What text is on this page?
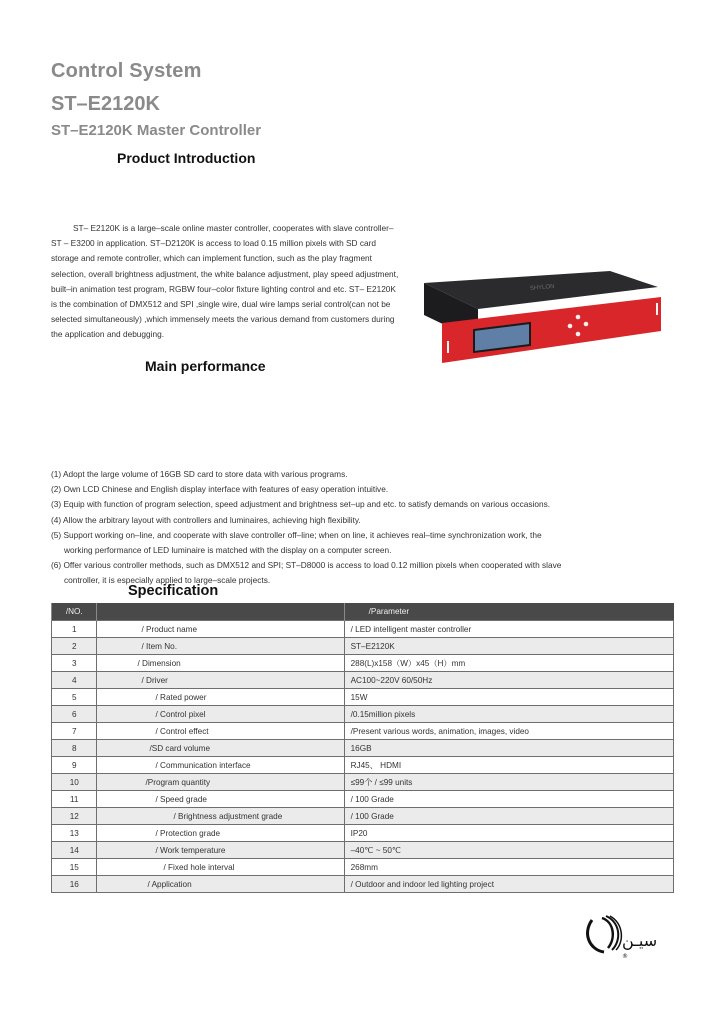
Control System
ST–E2120K
ST–E2120K Master Controller
Product Introduction
ST– E2120K is a large–scale online master controller, cooperates with slave controller– ST – E3200 in application. ST–D2120K is access to load 0.15 million pixels with SD card storage and remote controller, which can implement function, such as the play fragment selection, overall brightness adjustment, the white balance adjustment, play speed adjustment, built–in animation test program, RGBW four–color fixture lighting control and etc. ST– E2120K is the combination of DMX512 and SPI ,single wire, dual wire lamps serial control(can not be selected simultaneously) ,which immensely meets the various demand from customers during the application and debugging.
SHYLON
Main performance
(1) Adopt the large volume of 16GB SD card to store data with various programs.
(2) Own LCD Chinese and English display interface with features of easy operation intuitive.
(3) Equip with function of program selection, speed adjustment and brightness set–up and etc. to satisfy demands on various occasions.
(4) Allow the arbitrary layout with controllers and luminaires, achieving high flexibility.
(5) Support working on–line, and cooperate with slave controller off–line; when on line, it achieves real–time synchronization work, the
working performance of LED luminaire is matched with the display on a computer screen.
(6) Offer various controller methods, such as DMX512 and SPI; ST–D8000 is access to load 0.12 million pixels when cooperated with slave
controller, it is especially applied to large–scale projects.
Specification
/NO.		/Parameter
1	/ Product name	/ LED intelligent master controller
2	/ Item No.	ST–E2120K
3	/ Dimension	288(L)x158（W）x45（H）mm
4	/ Driver	AC100~220V 60/50Hz
5	/ Rated power	15W
6	/ Control pixel	/0.15million pixels
7	/ Control effect	/Present various words, animation, images, video
8	/SD card volume	16GB
9	/ Communication interface	RJ45、 HDMI
10	/Program quantity	≤99个 / ≤99 units
11	/ Speed grade	/ 100 Grade
12	/ Brightness adjustment grade	/ 100 Grade
13	/ Protection grade	IP20
14	/ Work temperature	–40℃ ~ 50℃
15	/ Fixed hole interval	268mm
16	/ Application	/ Outdoor and indoor led lighting project
سيـن
®
